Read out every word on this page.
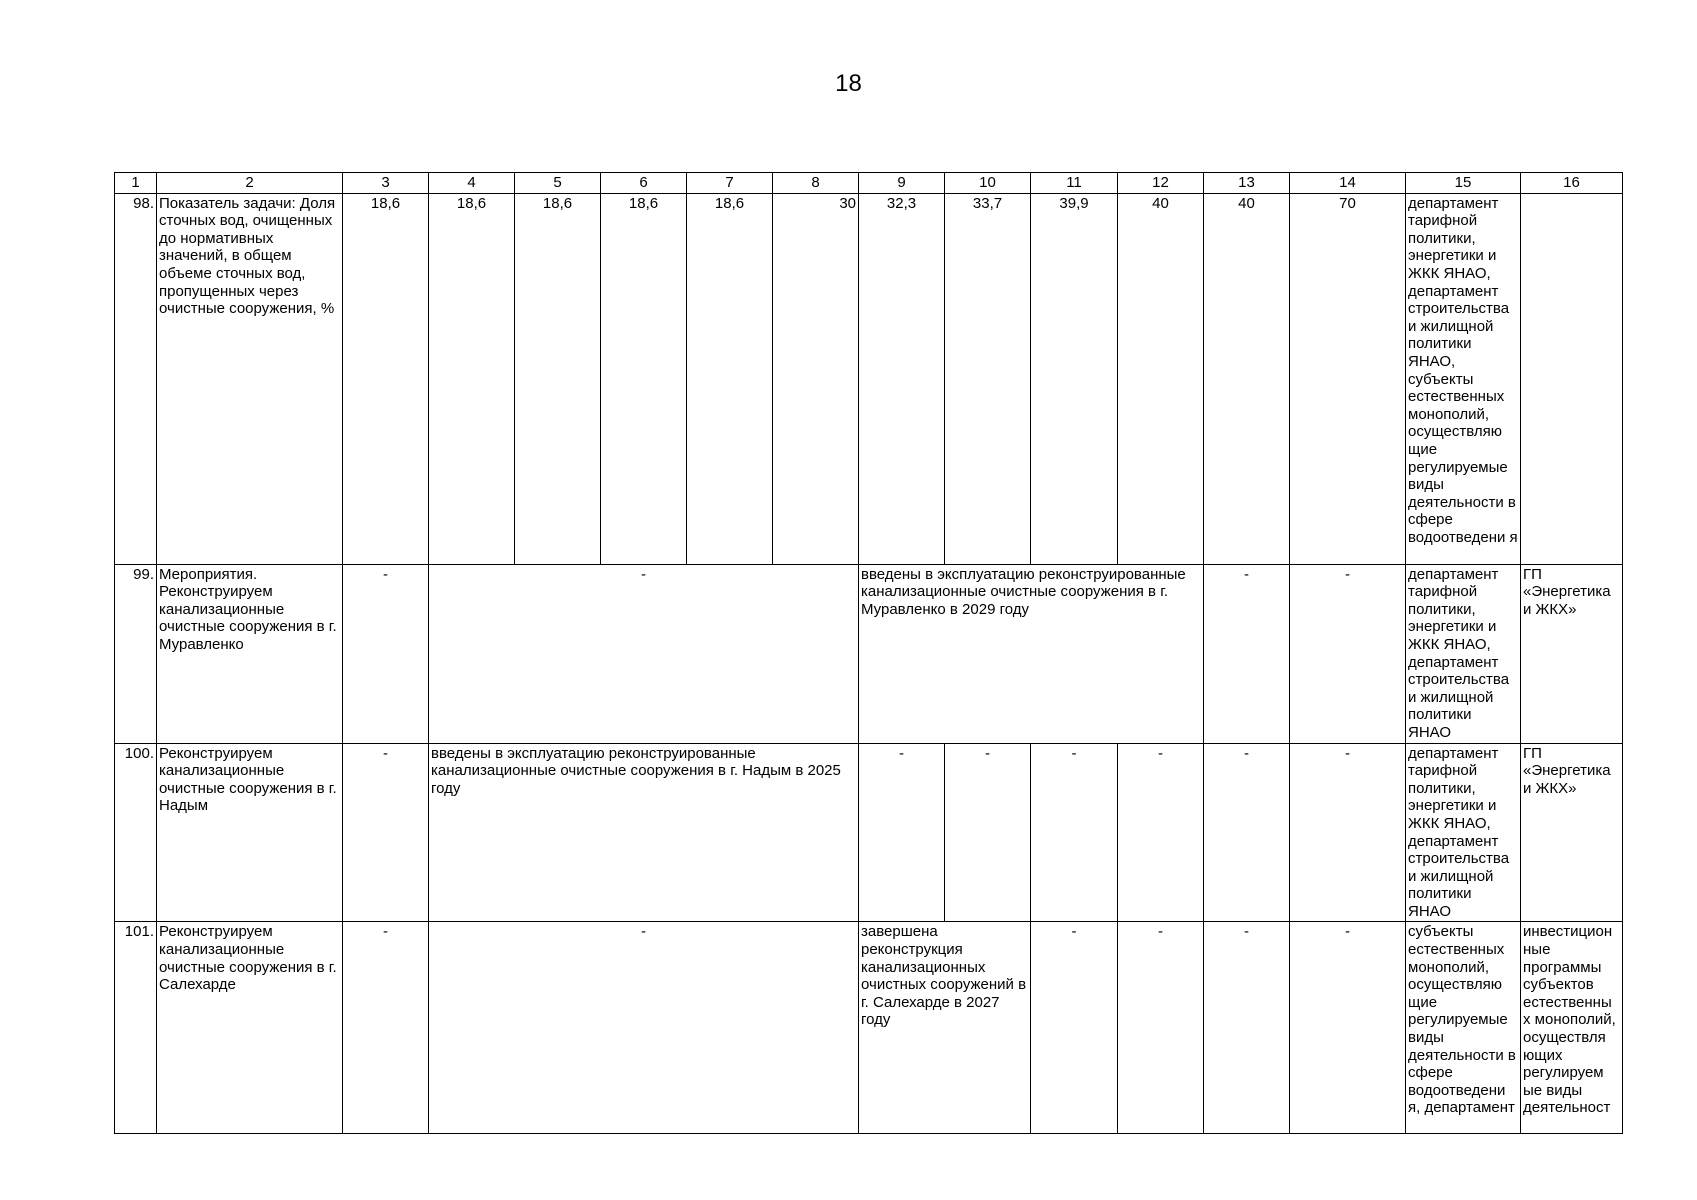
18
1	2	3	4	5	6	7	8	9	10	11	12	13	14	15	16
98.	Показатель задачи: Доля сточных вод, очищенных до нормативных значений, в общем объеме сточных вод, пропущенных через очистные сооружения, %	18,6	18,6	18,6	18,6	18,6	30	32,3	33,7	39,9	40	40	70	департамент тарифной политики, энергетики и ЖКК ЯНАО, департамент строительства и жилищной политики ЯНАО, субъекты естественных монополий, осуществляю щие регулируемые виды деятельности в сфере водоотведени я	
99.	Мероприятия. Реконструируем канализационные очистные сооружения в г. Муравленко	-	-					введены в эксплуатацию реконструированные канализационные очистные сооружения в г. Муравленко в 2029 году				-	-	департамент тарифной политики, энергетики и ЖКК ЯНАО, департамент строительства и жилищной политики ЯНАО	ГП «Энергетика и ЖКХ»
100.	Реконструируем канализационные очистные сооружения в г. Надым	-	введены в эксплуатацию реконструированные канализационные очистные сооружения в г. Надым в 2025 году					-	-	-	-	-	-	департамент тарифной политики, энергетики и ЖКК ЯНАО, департамент строительства и жилищной политики ЯНАО	ГП «Энергетика и ЖКХ»
101.	Реконструируем канализационные очистные сооружения в г. Салехарде	-	-					завершена реконструкция канализационных очистных сооружений в г. Салехарде в 2027 году		-	-	-	-	субъекты естественных монополий, осуществляю щие регулируемые виды деятельности в сфере водоотведени я, департамент	инвестицион ные программы субъектов естественны х монополий, осуществля ющих регулируем ые виды деятельност
